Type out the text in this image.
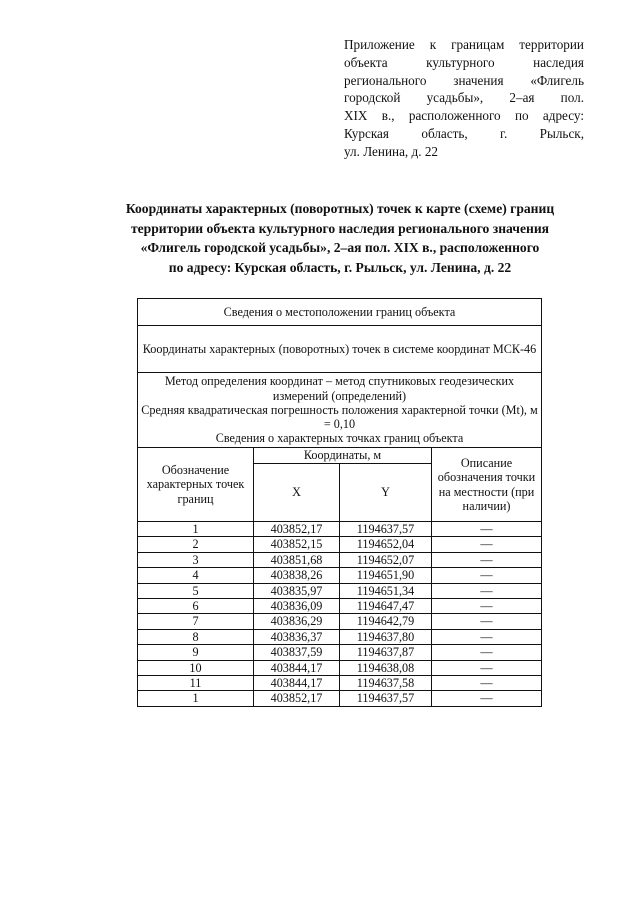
Приложение к границам территории
объекта культурного наследия
регионального значения «Флигель
городской усадьбы», 2–ая пол.
XIX в., расположенного по адресу:
Курская область, г. Рыльск,
ул. Ленина, д. 22
Координаты характерных (поворотных) точек к карте (схеме) границ
территории объекта культурного наследия регионального значения
«Флигель городской усадьбы», 2–ая пол. XIX в., расположенного
по адресу: Курская область, г. Рыльск, ул. Ленина, д. 22
Сведения о местоположении границ объекта			
Координаты характерных (поворотных) точек в системе координат МСК-46			

Метод определения координат – метод спутниковых геодезических измерений (определений)
Средняя квадратическая погрешность положения характерной точки (Mt), м = 0,10
Сведения о характерных точках границ объекта			

Обозначение характерных точек границ	Координаты, м		Описание обозначения точки на местности (при наличии)
	X	Y	
1	403852,17	1194637,57	—
2	403852,15	1194652,04	—
3	403851,68	1194652,07	—
4	403838,26	1194651,90	—
5	403835,97	1194651,34	—
6	403836,09	1194647,47	—
7	403836,29	1194642,79	—
8	403836,37	1194637,80	—
9	403837,59	1194637,87	—
10	403844,17	1194638,08	—
11	403844,17	1194637,58	—
1	403852,17	1194637,57	—
